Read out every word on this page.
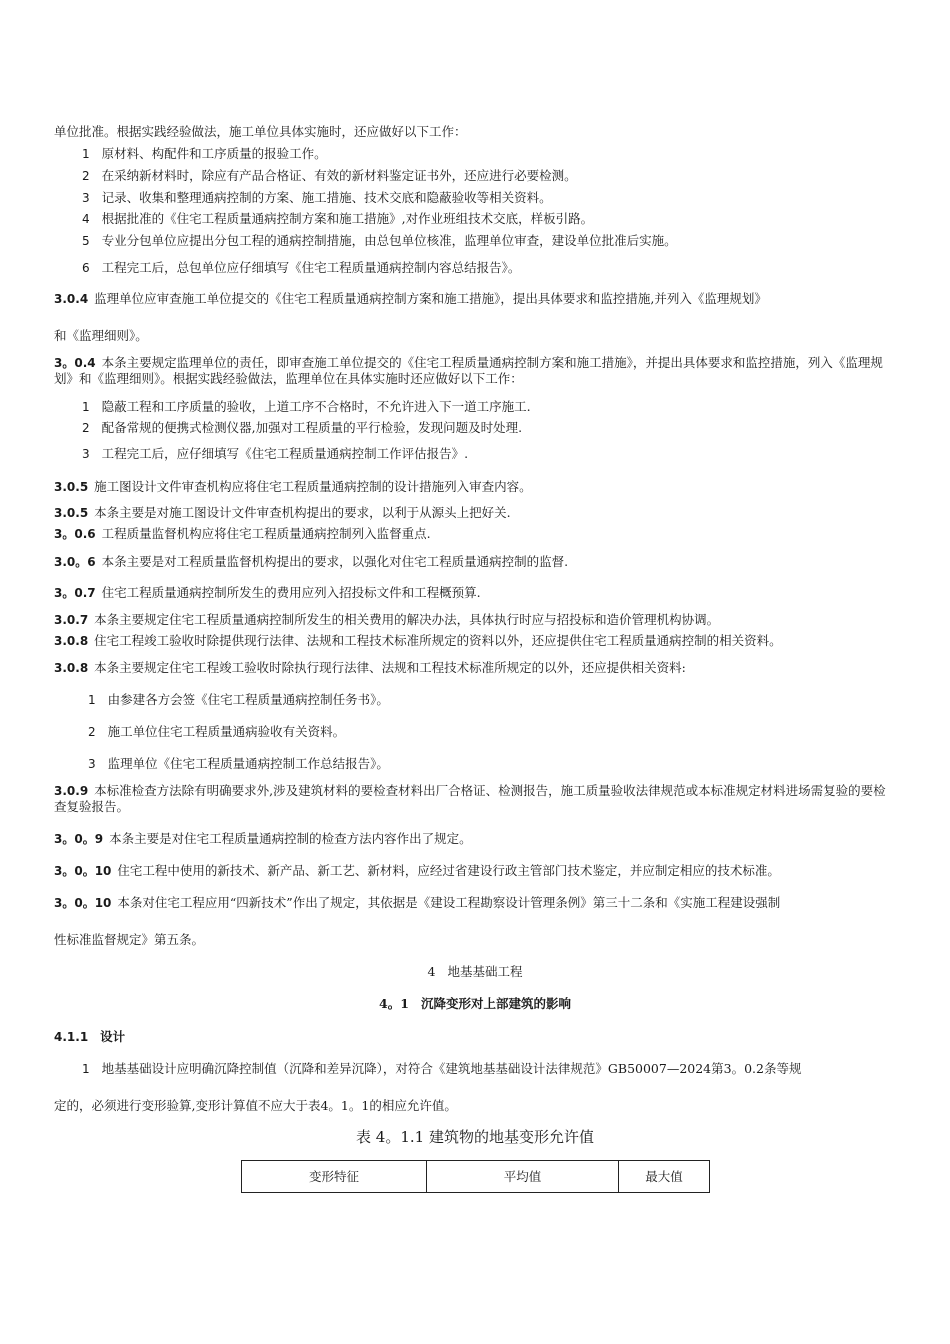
单位批准。根据实践经验做法，施工单位具体实施时，还应做好以下工作：
1 原材料、构配件和工序质量的报验工作。
2 在采纳新材料时，除应有产品合格证、有效的新材料鉴定证书外，还应进行必要检测。
3 记录、收集和整理通病控制的方案、施工措施、技术交底和隐蔽验收等相关资料。
4 根据批准的《住宅工程质量通病控制方案和施工措施》,对作业班组技术交底，样板引路。
5 专业分包单位应提出分包工程的通病控制措施，由总包单位核准，监理单位审查，建设单位批准后实施。
6 工程完工后，总包单位应仔细填写《住宅工程质量通病控制内容总结报告》。
3.0.4 监理单位应审查施工单位提交的《住宅工程质量通病控制方案和施工措施》，提出具体要求和监控措施,并列入《监理规划》
和《监理细则》。
3。0.4 本条主要规定监理单位的责任，即审查施工单位提交的《住宅工程质量通病控制方案和施工措施》，并提出具体要求和监控措施，列入《监理规划》和《监理细则》。根据实践经验做法，监理单位在具体实施时还应做好以下工作：
1 隐蔽工程和工序质量的验收，上道工序不合格时，不允许进入下一道工序施工.
2 配备常规的便携式检测仪器,加强对工程质量的平行检验，发现问题及时处理.
3 工程完工后，应仔细填写《住宅工程质量通病控制工作评估报告》.
3.0.5 施工图设计文件审查机构应将住宅工程质量通病控制的设计措施列入审查内容。
3.0.5 本条主要是对施工图设计文件审查机构提出的要求，以利于从源头上把好关.
3。0.6 工程质量监督机构应将住宅工程质量通病控制列入监督重点.
3.0。6 本条主要是对工程质量监督机构提出的要求，以强化对住宅工程质量通病控制的监督.
3。0.7 住宅工程质量通病控制所发生的费用应列入招投标文件和工程概预算.
3.0.7 本条主要规定住宅工程质量通病控制所发生的相关费用的解决办法，具体执行时应与招投标和造价管理机构协调。
3.0.8 住宅工程竣工验收时除提供现行法律、法规和工程技术标准所规定的资料以外，还应提供住宅工程质量通病控制的相关资料。
3.0.8 本条主要规定住宅工程竣工验收时除执行现行法律、法规和工程技术标准所规定的以外，还应提供相关资料:
1 由参建各方会签《住宅工程质量通病控制任务书》。
2 施工单位住宅工程质量通病验收有关资料。
3 监理单位《住宅工程质量通病控制工作总结报告》。
3.0.9 本标准检查方法除有明确要求外,涉及建筑材料的要检查材料出厂合格证、检测报告，施工质量验收法律规范或本标准规定材料进场需复验的要检查复验报告。
3。0。9 本条主要是对住宅工程质量通病控制的检查方法内容作出了规定。
3。0。10 住宅工程中使用的新技术、新产品、新工艺、新材料，应经过省建设行政主管部门技术鉴定，并应制定相应的技术标准。
3。0。10 本条对住宅工程应用“四新技术”作出了规定，其依据是《建设工程勘察设计管理条例》第三十二条和《实施工程建设强制
性标准监督规定》第五条。
4 地基基础工程
4。1 沉降变形对上部建筑的影响
4.1.1 设计
1 地基基础设计应明确沉降控制值（沉降和差异沉降），对符合《建筑地基基础设计法律规范》GB50007—2024第3。0.2条等规
定的，必须进行变形验算,变形计算值不应大于表4。1。1的相应允许值。
表 4。1.1 建筑物的地基变形允许值
变形特征	平均值	最大值
